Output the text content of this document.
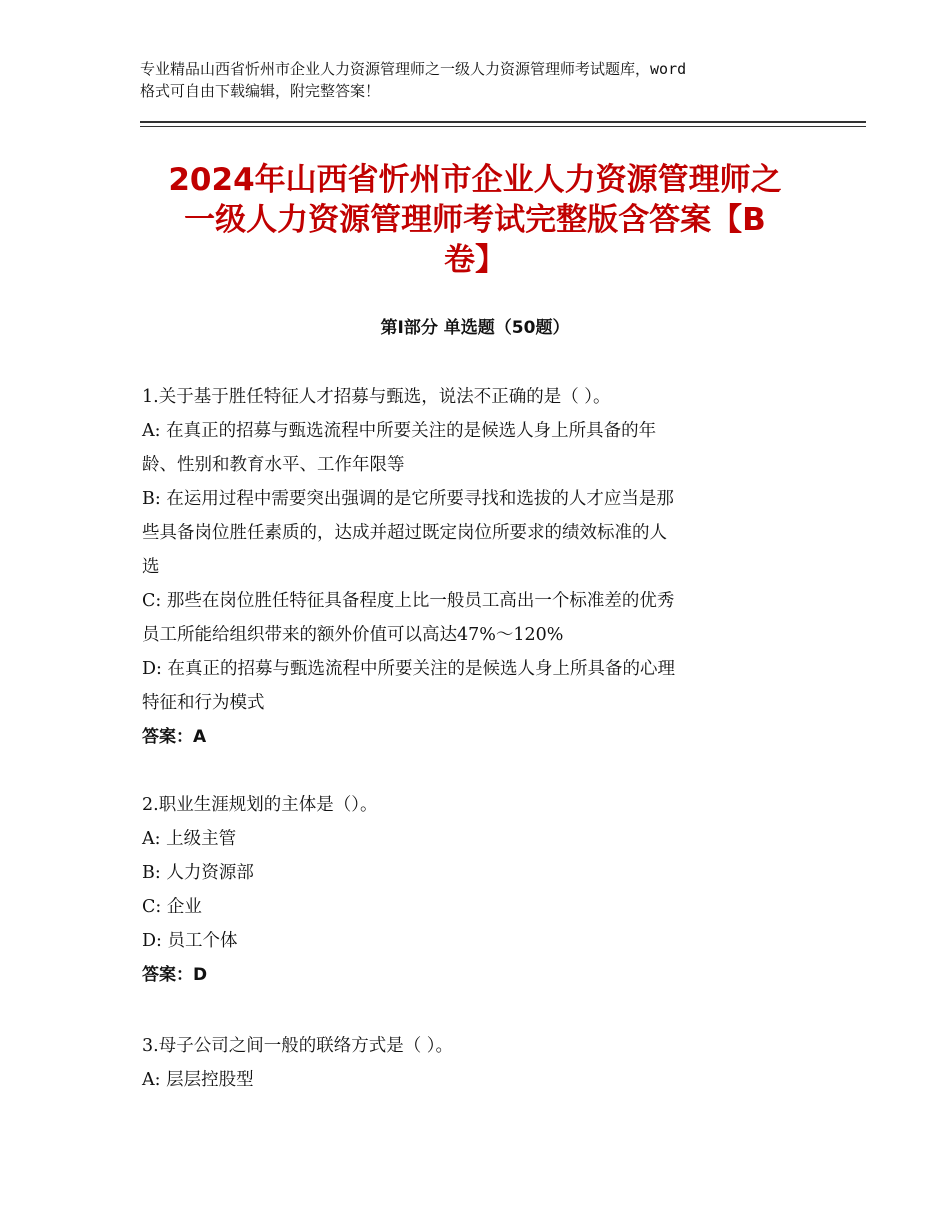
专业精品山西省忻州市企业人力资源管理师之一级人力资源管理师考试题库，word
格式可自由下载编辑，附完整答案！
2024年山西省忻州市企业人力资源管理师之
一级人力资源管理师考试完整版含答案【B
卷】
第Ⅰ部分 单选题（50题）
1.关于基于胜任特征人才招募与甄选，说法不正确的是（ ）。
A: 在真正的招募与甄选流程中所要关注的是候选人身上所具备的年
龄、性别和教育水平、工作年限等
B: 在运用过程中需要突出强调的是它所要寻找和选拔的人才应当是那
些具备岗位胜任素质的，达成并超过既定岗位所要求的绩效标准的人
选
C: 那些在岗位胜任特征具备程度上比一般员工高出一个标准差的优秀
员工所能给组织带来的额外价值可以高达47%～120%
D: 在真正的招募与甄选流程中所要关注的是候选人身上所具备的心理
特征和行为模式
答案：A
2.职业生涯规划的主体是（）。
A: 上级主管
B: 人力资源部
C: 企业
D: 员工个体
答案：D
3.母子公司之间一般的联络方式是（ ）。
A: 层层控股型
